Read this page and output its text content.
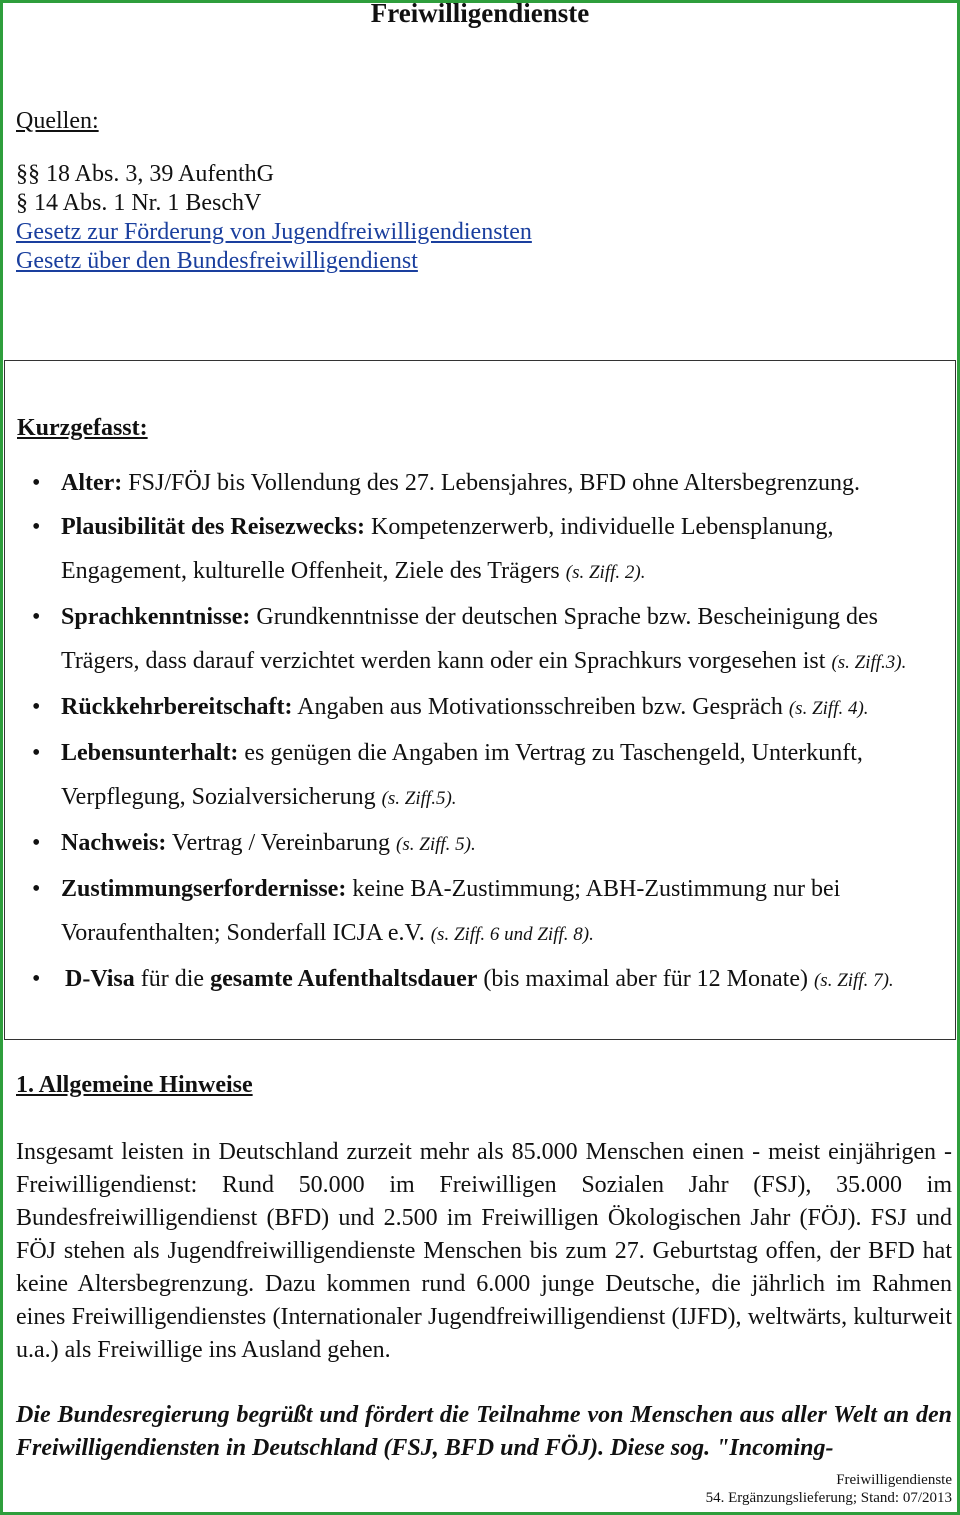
Freiwilligendienste
Quellen:
§§ 18 Abs. 3, 39 AufenthG
§ 14 Abs. 1 Nr. 1 BeschV
Gesetz zur Förderung von Jugendfreiwilligendiensten
Gesetz über den Bundesfreiwilligendienst
Kurzgefasst:
• Alter: FSJ/FÖJ bis Vollendung des 27. Lebensjahres, BFD ohne Altersbegrenzung.
• Plausibilität des Reisezwecks: Kompetenzerwerb, individuelle Lebensplanung, Engagement, kulturelle Offenheit, Ziele des Trägers (s. Ziff. 2).
• Sprachkenntnisse: Grundkenntnisse der deutschen Sprache bzw. Bescheinigung des Trägers, dass darauf verzichtet werden kann oder ein Sprachkurs vorgesehen ist (s. Ziff.3).
• Rückkehrbereitschaft: Angaben aus Motivationsschreiben bzw. Gespräch (s. Ziff. 4).
• Lebensunterhalt: es genügen die Angaben im Vertrag zu Taschengeld, Unterkunft, Verpflegung, Sozialversicherung (s. Ziff.5).
• Nachweis: Vertrag / Vereinbarung (s. Ziff. 5).
• Zustimmungserfordernisse: keine BA-Zustimmung; ABH-Zustimmung nur bei Voraufenthalten; Sonderfall ICJA e.V. (s. Ziff. 6 und Ziff. 8).
• D-Visa für die gesamte Aufenthaltsdauer (bis maximal aber für 12 Monate) (s. Ziff. 7).
1. Allgemeine Hinweise

Insgesamt leisten in Deutschland zurzeit mehr als 85.000 Menschen einen - meist einjährigen - Freiwilligendienst: Rund 50.000 im Freiwilligen Sozialen Jahr (FSJ), 35.000 im Bundesfreiwilligendienst (BFD) und 2.500 im Freiwilligen Ökologischen Jahr (FÖJ). FSJ und FÖJ stehen als Jugendfreiwilligendienste Menschen bis zum 27. Geburtstag offen, der BFD hat keine Altersbegrenzung. Dazu kommen rund 6.000 junge Deutsche, die jährlich im Rahmen eines Freiwilligendienstes (Internationaler Jugendfreiwilligendienst (IJFD), weltwärts, kulturweit u.a.) als Freiwillige ins Ausland gehen.

Die Bundesregierung begrüßt und fördert die Teilnahme von Menschen aus aller Welt an den Freiwilligendiensten in Deutschland (FSJ, BFD und FÖJ). Diese sog. "Incoming-

Freiwilligendienste
54. Ergänzungslieferung; Stand: 07/2013
